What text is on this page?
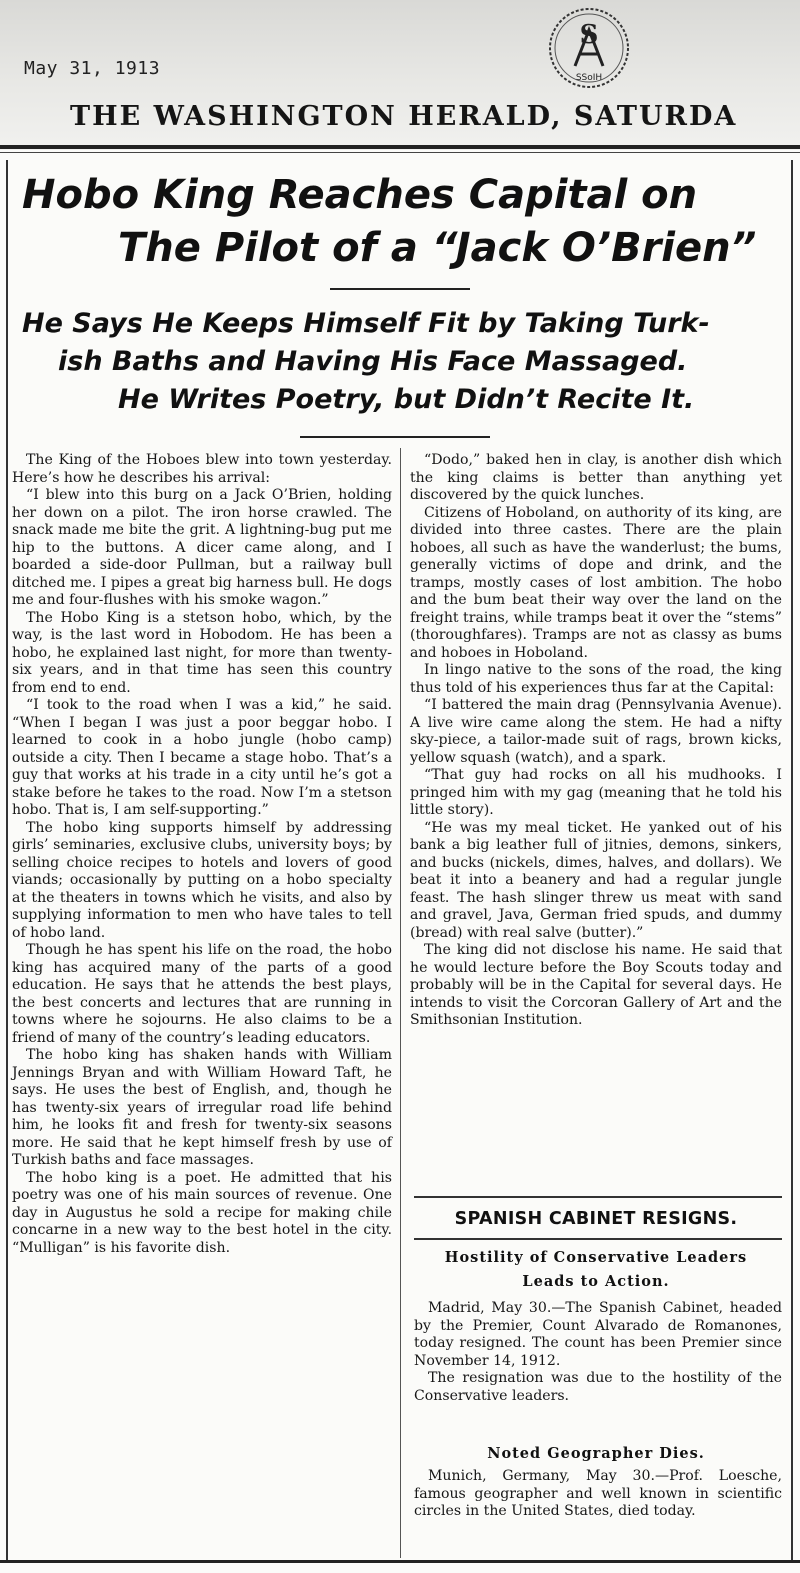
May 31, 1913
S
SSoIH
THE WASHINGTON HERALD, SATURDA
Hobo King Reaches Capital on
The Pilot of a “Jack O’Brien”
He Says He Keeps Himself Fit by Taking Turk-
ish Baths and Having His Face Massaged.
He Writes Poetry, but Didn’t Recite It.

The King of the Hoboes blew into town yesterday. Here’s how he describes his arrival:

“I blew into this burg on a Jack O’Brien, holding her down on a pilot. The iron horse crawled. The snack made me bite the grit. A lightning-bug put me hip to the buttons. A dicer came along, and I boarded a side-door Pullman, but a railway bull ditched me. I pipes a great big harness bull. He dogs me and four-flushes with his smoke wagon.”

The Hobo King is a stetson hobo, which, by the way, is the last word in Hobodom. He has been a hobo, he explained last night, for more than twenty-six years, and in that time has seen this country from end to end.

“I took to the road when I was a kid,” he said. “When I began I was just a poor beggar hobo. I learned to cook in a hobo jungle (hobo camp) outside a city. Then I became a stage hobo. That’s a guy that works at his trade in a city until he’s got a stake before he takes to the road. Now I’m a stetson hobo. That is, I am self-supporting.”

The hobo king supports himself by addressing girls’ seminaries, exclusive clubs, university boys; by selling choice recipes to hotels and lovers of good viands; occasionally by putting on a hobo specialty at the theaters in towns which he visits, and also by supplying information to men who have tales to tell of hobo land.

Though he has spent his life on the road, the hobo king has acquired many of the parts of a good education. He says that he attends the best plays, the best concerts and lectures that are running in towns where he sojourns. He also claims to be a friend of many of the country’s leading educators.

The hobo king has shaken hands with William Jennings Bryan and with William Howard Taft, he says. He uses the best of English, and, though he has twenty-six years of irregular road life behind him, he looks fit and fresh for twenty-six seasons more. He said that he kept himself fresh by use of Turkish baths and face massages.

The hobo king is a poet. He admitted that his poetry was one of his main sources of revenue. One day in Augustus he sold a recipe for making chile concarne in a new way to the best hotel in the city. “Mulligan” is his favorite dish.

“Dodo,” baked hen in clay, is another dish which the king claims is better than anything yet discovered by the quick lunches.

Citizens of Hoboland, on authority of its king, are divided into three castes. There are the plain hoboes, all such as have the wanderlust; the bums, generally victims of dope and drink, and the tramps, mostly cases of lost ambition. The hobo and the bum beat their way over the land on the freight trains, while tramps beat it over the “stems” (thoroughfares). Tramps are not as classy as bums and hoboes in Hoboland.

In lingo native to the sons of the road, the king thus told of his experiences thus far at the Capital:

“I battered the main drag (Pennsylvania Avenue). A live wire came along the stem. He had a nifty sky-piece, a tailor-made suit of rags, brown kicks, yellow squash (watch), and a spark.

“That guy had rocks on all his mudhooks. I pringed him with my gag (meaning that he told his little story).

“He was my meal ticket. He yanked out of his bank a big leather full of jitnies, demons, sinkers, and bucks (nickels, dimes, halves, and dollars). We beat it into a beanery and had a regular jungle feast. The hash slinger threw us meat with sand and gravel, Java, German fried spuds, and dummy (bread) with real salve (butter).”

The king did not disclose his name. He said that he would lecture before the Boy Scouts today and probably will be in the Capital for several days. He intends to visit the Corcoran Gallery of Art and the Smithsonian Institution.

SPANISH CABINET RESIGNS.
Hostility of Conservative Leaders
Leads to Action.

Madrid, May 30.—The Spanish Cabinet, headed by the Premier, Count Alvarado de Romanones, today resigned. The count has been Premier since November 14, 1912.

The resignation was due to the hostility of the Conservative leaders.

Noted Geographer Dies.

Munich, Germany, May 30.—Prof. Loesche, famous geographer and well known in scientific circles in the United States, died today.
